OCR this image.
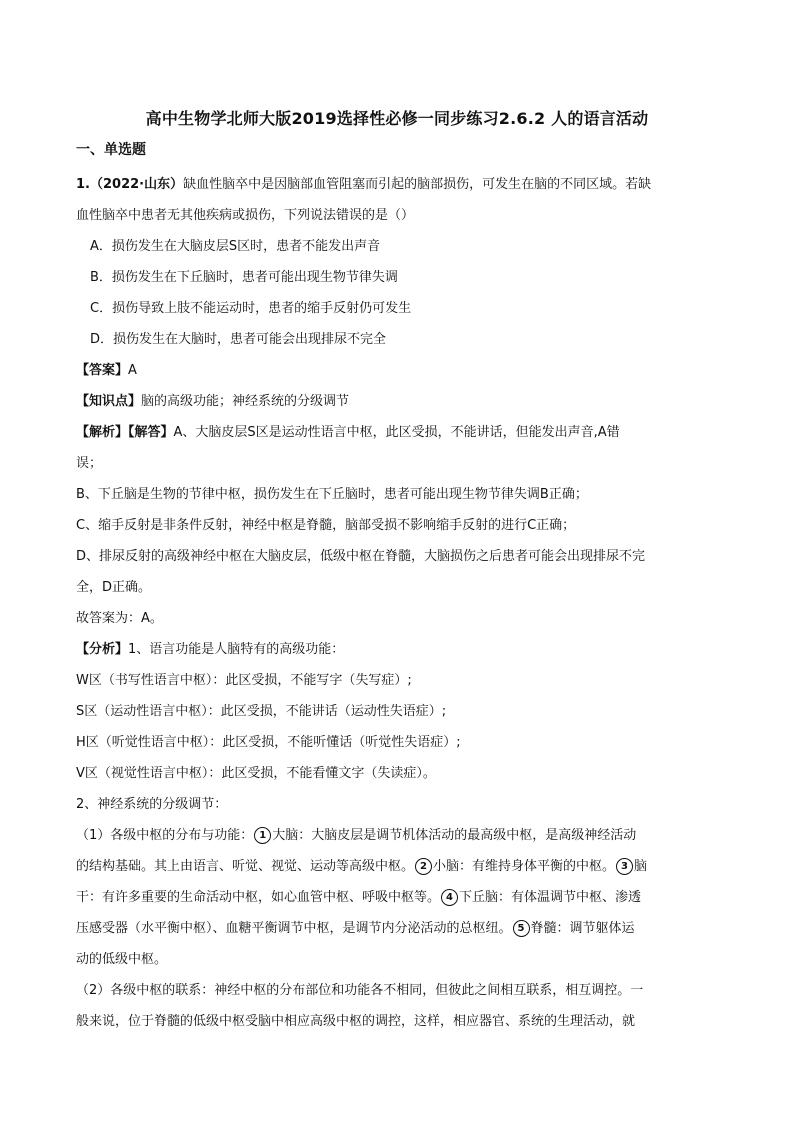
高中生物学北师大版2019选择性必修一同步练习2.6.2 人的语言活动
一、单选题
1.（2022·山东）缺血性脑卒中是因脑部血管阻塞而引起的脑部损伤，可发生在脑的不同区域。若缺
血性脑卒中患者无其他疾病或损伤，下列说法错误的是（）
A．损伤发生在大脑皮层S区时，患者不能发出声音
B．损伤发生在下丘脑时，患者可能出现生物节律失调
C．损伤导致上肢不能运动时，患者的缩手反射仍可发生
D．损伤发生在大脑时，患者可能会出现排尿不完全
【答案】A
【知识点】脑的高级功能；神经系统的分级调节
【解析】【解答】A、大脑皮层S区是运动性语言中枢，此区受损，不能讲话，但能发出声音,A错
误；
B、下丘脑是生物的节律中枢，损伤发生在下丘脑时，患者可能出现生物节律失调B正确；
C、缩手反射是非条件反射，神经中枢是脊髓，脑部受损不影响缩手反射的进行C正确；
D、排尿反射的高级神经中枢在大脑皮层，低级中枢在脊髓，大脑损伤之后患者可能会出现排尿不完
全，D正确。
故答案为：A。
【分析】1、语言功能是人脑特有的高级功能：
W区（书写性语言中枢）：此区受损，不能写字（失写症）;
S区（运动性语言中枢）：此区受损，不能讲话（运动性失语症）;
H区（听觉性语言中枢）：此区受损，不能听懂话（听觉性失语症）;
V区（视觉性语言中枢）：此区受损，不能看懂文字（失读症）。
2、神经系统的分级调节：
（1）各级中枢的分布与功能： 1 大脑：大脑皮层是调节机体活动的最高级中枢，是高级神经活动
的结构基础。其上由语言、听觉、视觉、运动等高级中枢。 2 小脑：有维持身体平衡的中枢。 3 脑
干：有许多重要的生命活动中枢，如心血管中枢、呼吸中枢等。 4 下丘脑：有体温调节中枢、渗透
压感受器（水平衡中枢）、血糖平衡调节中枢，是调节内分泌活动的总枢纽。 5 脊髓：调节躯体运
动的低级中枢。
（2）各级中枢的联系：神经中枢的分布部位和功能各不相同，但彼此之间相互联系，相互调控。一
般来说，位于脊髓的低级中枢受脑中相应高级中枢的调控，这样，相应器官、系统的生理活动，就
